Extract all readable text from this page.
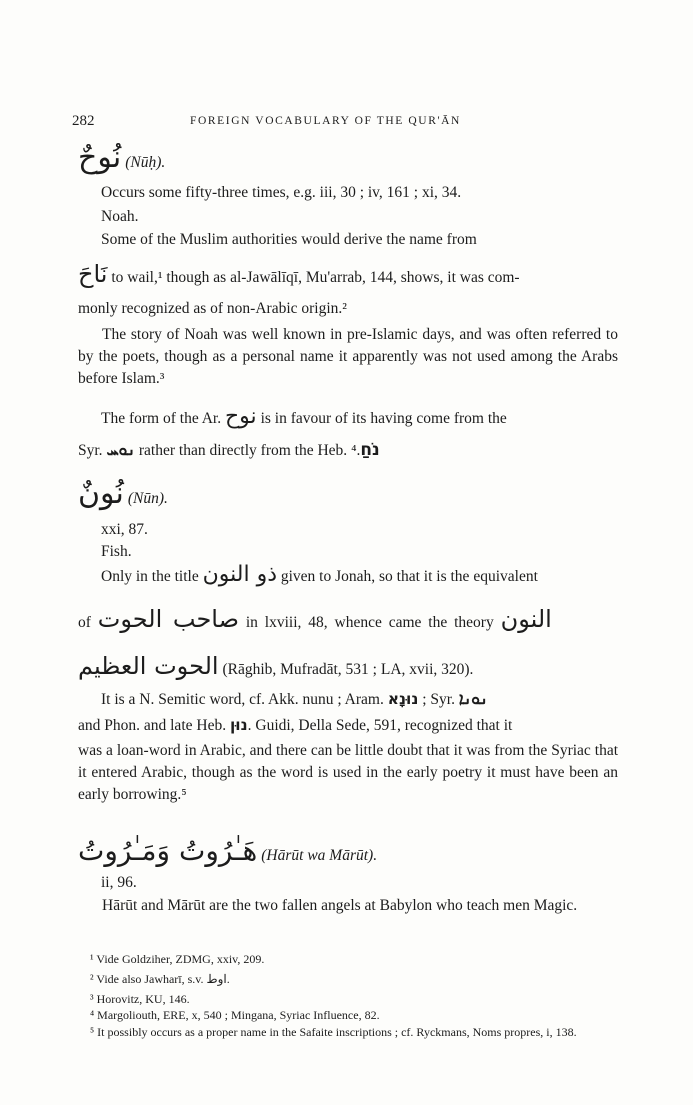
282	FOREIGN VOCABULARY OF THE QUR'ĀN
نُوحٌ (Nūḥ).
Occurs some fifty-three times, e.g. iii, 30 ; iv, 161 ; xi, 34.
Noah.
Some of the Muslim authorities would derive the name from
نَاحَ to wail,¹ though as al-Jawālīqī, Mu'arrab, 144, shows, it was com-
monly recognized as of non-Arabic origin.²
The story of Noah was well known in pre-Islamic days, and was often referred to by the poets, though as a personal name it apparently was not used among the Arabs before Islam.³
The form of the Ar. نوح is in favour of its having come from the
Syr. ܢܘܚ rather than directly from the Heb. נֹחַ.⁴
نُونٌ (Nūn).
xxi, 87.
Fish.
Only in the title ذو النون given to Jonah, so that it is the equivalent
of صاحب الحوت in lxviii, 48, whence came the theory النون
الحوت العظيم (Rāghib, Mufradāt, 531 ; LA, xvii, 320).
It is a N. Semitic word, cf. Akk. nunu ; Aram. נוּנָא ; Syr. ܢܘܢܐ
and Phon. and late Heb. נוּן. Guidi, Della Sede, 591, recognized that it
was a loan-word in Arabic, and there can be little doubt that it was from the Syriac that it entered Arabic, though as the word is used in the early poetry it must have been an early borrowing.⁵
هَـٰرُوتُ وَمَـٰرُوتُ (Hārūt wa Mārūt).
ii, 96.
Hārūt and Mārūt are the two fallen angels at Babylon who teach men Magic.
¹ Vide Goldziher, ZDMG, xxiv, 209.
² Vide also Jawharī, s.v. اوط.
³ Horovitz, KU, 146.
⁴ Margoliouth, ERE, x, 540 ; Mingana, Syriac Influence, 82.
⁵ It possibly occurs as a proper name in the Safaite inscriptions ; cf. Ryckmans, Noms propres, i, 138.
